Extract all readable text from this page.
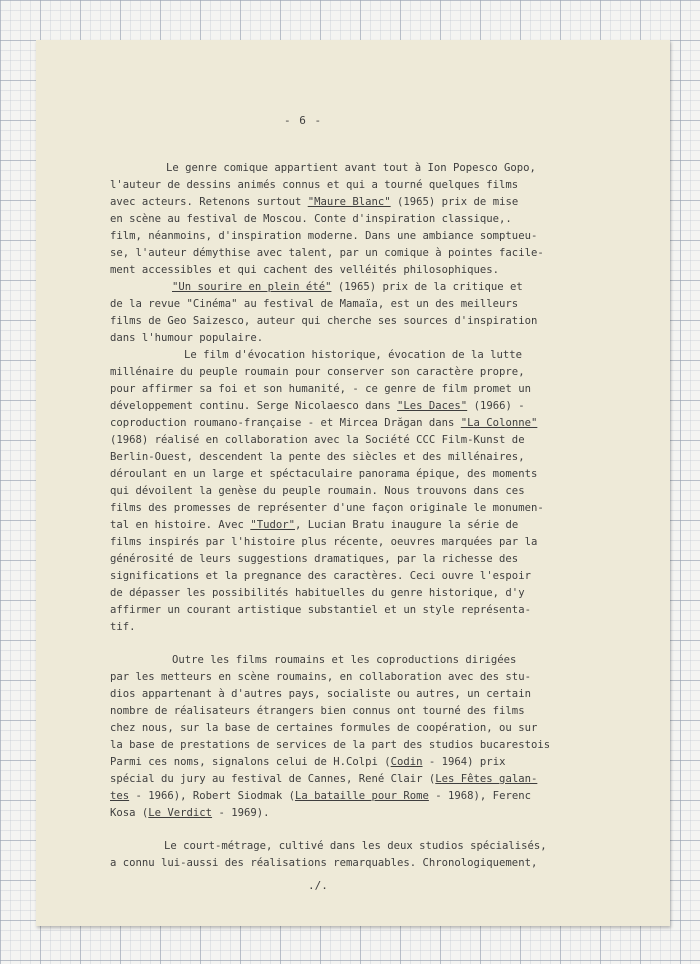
- 6 -
Le genre comique appartient avant tout à Ion Popesco Gopo,
l'auteur de dessins animés connus et qui a tourné quelques films
avec acteurs. Retenons surtout "Maure Blanc" (1965) prix de mise
en scène au festival de Moscou. Conte d'inspiration classique,.
film, néanmoins, d'inspiration moderne. Dans une ambiance somptueu-
se, l'auteur démythise avec talent, par un comique à pointes facile-
ment accessibles et qui cachent des velléités philosophiques.
"Un sourire en plein été" (1965) prix de la critique et
de la revue "Cinéma" au festival de Mamaïa, est un des meilleurs
films de Geo Saizesco, auteur qui cherche ses sources d'inspiration
dans l'humour populaire.
Le film d'évocation historique, évocation de la lutte
millénaire du peuple roumain pour conserver son caractère propre,
pour affirmer sa foi et son humanité, - ce genre de film promet un
développement continu. Serge Nicolaesco dans "Les Daces" (1966) -
coproduction roumano-française - et Mircea Drăgan dans "La Colonne"
(1968) réalisé en collaboration avec la Société CCC Film-Kunst de
Berlin-Ouest, descendent la pente des siècles et des millénaires,
déroulant en un large et spéctaculaire panorama épique, des moments
qui dévoilent la genèse du peuple roumain. Nous trouvons dans ces
films des promesses de représenter d'une façon originale le monumen-
tal en histoire. Avec "Tudor", Lucian Bratu inaugure la série de
films inspirés par l'histoire plus récente, oeuvres marquées par la
générosité de leurs suggestions dramatiques, par la richesse des
significations et la pregnance des caractères. Ceci ouvre l'espoir
de dépasser les possibilités habituelles du genre historique, d'y
affirmer un courant artistique substantiel et un style représenta-
tif.
Outre les films roumains et les coproductions dirigées
par les metteurs en scène roumains, en collaboration avec des stu-
dios appartenant à d'autres pays, socialiste ou autres, un certain
nombre de réalisateurs étrangers bien connus ont tourné des films
chez nous, sur la base de certaines formules de coopération, ou sur
la base de prestations de services de la part des studios bucarestois
Parmi ces noms, signalons celui de H.Colpi (Codin - 1964) prix
spécial du jury au festival de Cannes, René Clair (Les Fêtes galan-
tes - 1966), Robert Siodmak (La bataille pour Rome - 1968), Ferenc
Kosa (Le Verdict - 1969).
Le court-métrage, cultivé dans les deux studios spécialisés,
a connu lui-aussi des réalisations remarquables. Chronologiquement,
./.
